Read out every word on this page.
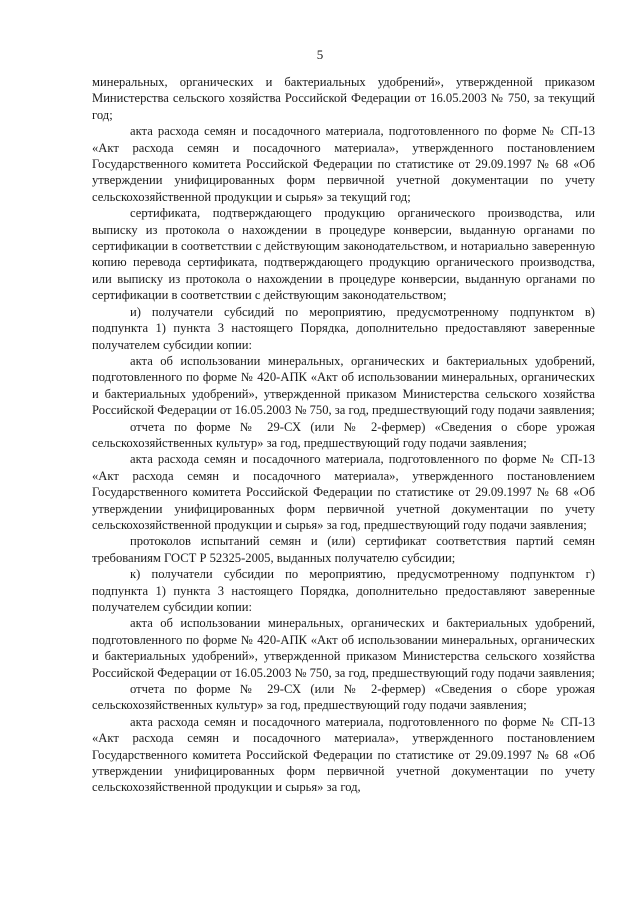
5

минеральных, органических и бактериальных удобрений», утвержденной приказом Министерства сельского хозяйства Российской Федерации от 16.05.2003 № 750, за текущий год;

акта расхода семян и посадочного материала, подготовленного по форме № СП-13 «Акт расхода семян и посадочного материала», утвержденного постановлением Государственного комитета Российской Федерации по статистике от 29.09.1997 № 68 «Об утверждении унифицированных форм первичной учетной документации по учету сельскохозяйственной продукции и сырья» за текущий год;

сертификата, подтверждающего продукцию органического производства, или выписку из протокола о нахождении в процедуре конверсии, выданную органами по сертификации в соответствии с действующим законодательством, и нотариально заверенную копию перевода сертификата, подтверждающего продукцию органического производства, или выписку из протокола о нахождении в процедуре конверсии, выданную органами по сертификации в соответствии с действующим законодательством;

и) получатели субсидий по мероприятию, предусмотренному подпунктом в) подпункта 1) пункта 3 настоящего Порядка, дополнительно предоставляют заверенные получателем субсидии копии:

акта об использовании минеральных, органических и бактериальных удобрений, подготовленного по форме № 420-АПК «Акт об использовании минеральных, органических и бактериальных удобрений», утвержденной приказом Министерства сельского хозяйства Российской Федерации от 16.05.2003 № 750, за год, предшествующий году подачи заявления;

отчета по форме № 29-СХ (или № 2-фермер) «Сведения о сборе урожая сельскохозяйственных культур» за год, предшествующий году подачи заявления;

акта расхода семян и посадочного материала, подготовленного по форме № СП-13 «Акт расхода семян и посадочного материала», утвержденного постановлением Государственного комитета Российской Федерации по статистике от 29.09.1997 № 68 «Об утверждении унифицированных форм первичной учетной документации по учету сельскохозяйственной продукции и сырья» за год, предшествующий году подачи заявления;

протоколов испытаний семян и (или) сертификат соответствия партий семян требованиям ГОСТ Р 52325-2005, выданных получателю субсидии;

к) получатели субсидии по мероприятию, предусмотренному подпунктом г) подпункта 1) пункта 3 настоящего Порядка, дополнительно предоставляют заверенные получателем субсидии копии:

акта об использовании минеральных, органических и бактериальных удобрений, подготовленного по форме № 420-АПК «Акт об использовании минеральных, органических и бактериальных удобрений», утвержденной приказом Министерства сельского хозяйства Российской Федерации от 16.05.2003 № 750, за год, предшествующий году подачи заявления;

отчета по форме № 29-СХ (или № 2-фермер) «Сведения о сборе урожая сельскохозяйственных культур» за год, предшествующий году подачи заявления;

акта расхода семян и посадочного материала, подготовленного по форме № СП-13 «Акт расхода семян и посадочного материала», утвержденного постановлением Государственного комитета Российской Федерации по статистике от 29.09.1997 № 68 «Об утверждении унифицированных форм первичной учетной документации по учету сельскохозяйственной продукции и сырья» за год,
